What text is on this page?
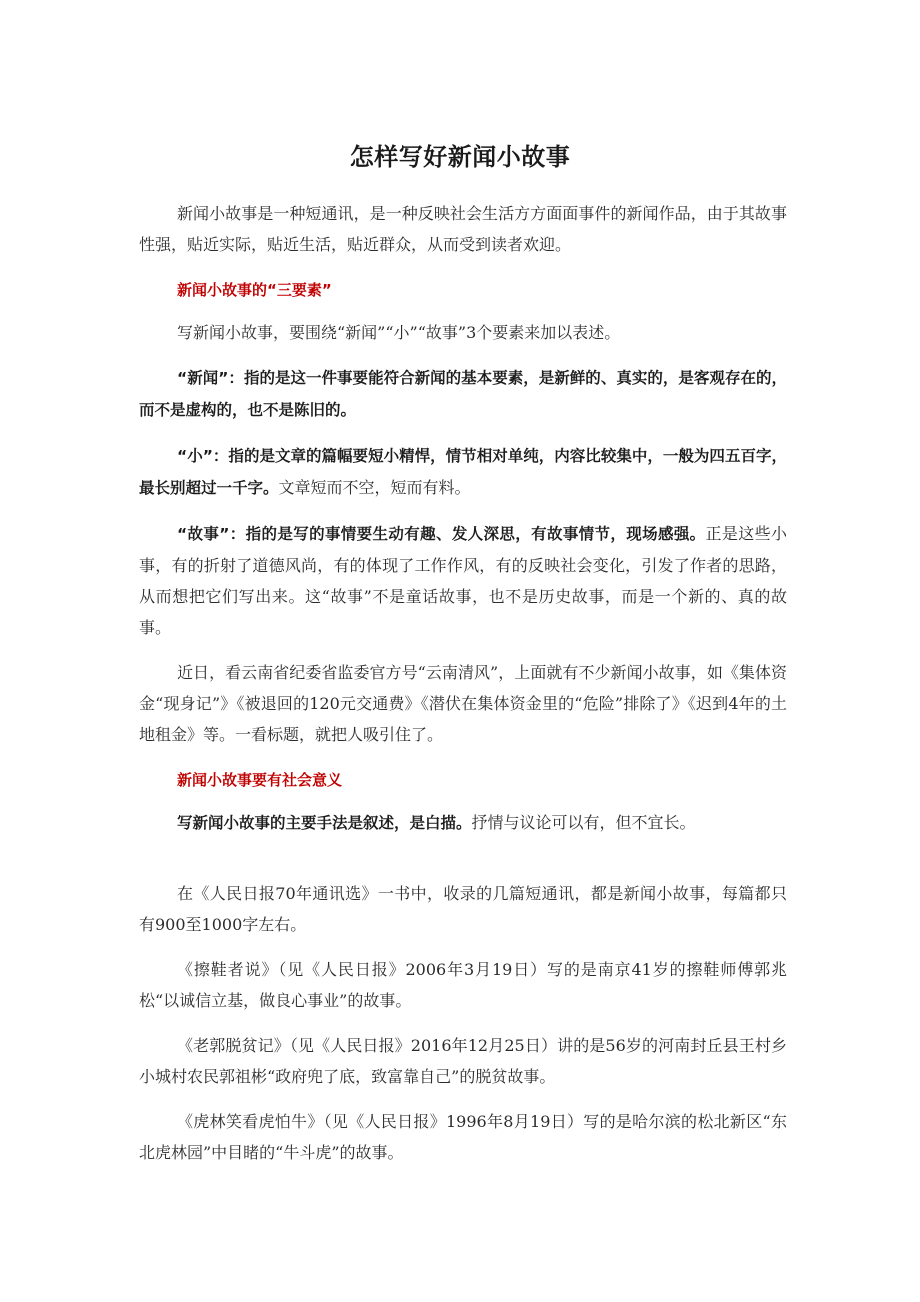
怎样写好新闻小故事

新闻小故事是一种短通讯，是一种反映社会生活方方面面事件的新闻作品，由于其故事性强，贴近实际，贴近生活，贴近群众，从而受到读者欢迎。

新闻小故事的“三要素”

写新闻小故事，要围绕“新闻”“小”“故事”3个要素来加以表述。

“新闻”：指的是这一件事要能符合新闻的基本要素，是新鲜的、真实的，是客观存在的，而不是虚构的，也不是陈旧的。

“小”：指的是文章的篇幅要短小精悍，情节相对单纯，内容比较集中，一般为四五百字，最长别超过一千字。文章短而不空，短而有料。

“故事”：指的是写的事情要生动有趣、发人深思，有故事情节，现场感强。正是这些小事，有的折射了道德风尚，有的体现了工作作风，有的反映社会变化，引发了作者的思路，从而想把它们写出来。这“故事”不是童话故事，也不是历史故事，而是一个新的、真的故事。

近日，看云南省纪委省监委官方号“云南清风”，上面就有不少新闻小故事，如《集体资金“现身记”》《被退回的120元交通费》《潜伏在集体资金里的“危险”排除了》《迟到4年的土地租金》等。一看标题，就把人吸引住了。

新闻小故事要有社会意义

写新闻小故事的主要手法是叙述，是白描。抒情与议论可以有，但不宜长。

在《人民日报70年通讯选》一书中，收录的几篇短通讯，都是新闻小故事，每篇都只有900至1000字左右。

《擦鞋者说》（见《人民日报》2006年3月19日）写的是南京41岁的擦鞋师傅郭兆松“以诚信立基，做良心事业”的故事。

《老郭脱贫记》（见《人民日报》2016年12月25日）讲的是56岁的河南封丘县王村乡小城村农民郭祖彬“政府兜了底，致富靠自己”的脱贫故事。

《虎林笑看虎怕牛》（见《人民日报》1996年8月19日）写的是哈尔滨的松北新区“东北虎林园”中目睹的“牛斗虎”的故事。
